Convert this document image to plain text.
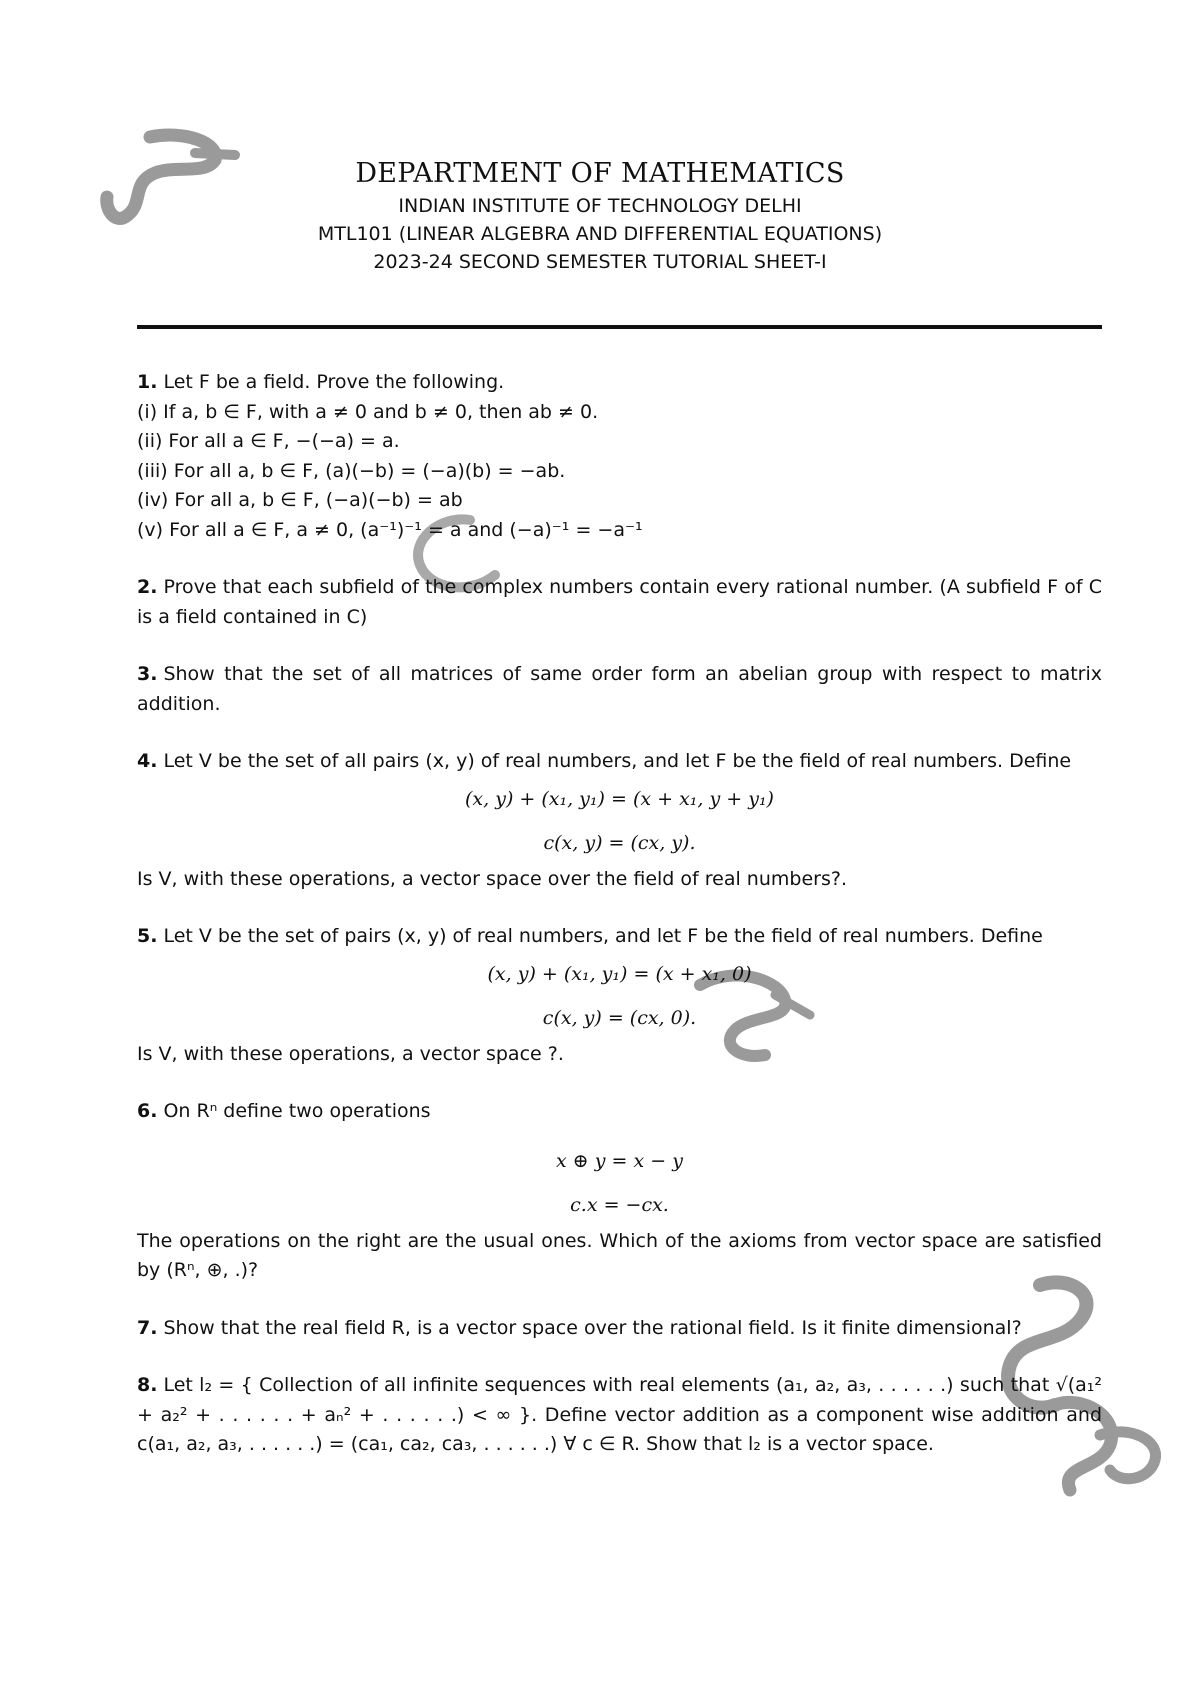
DEPARTMENT OF MATHEMATICS
INDIAN INSTITUTE OF TECHNOLOGY DELHI
MTL101 (LINEAR ALGEBRA AND DIFFERENTIAL EQUATIONS)
2023-24 SECOND SEMESTER TUTORIAL SHEET-I
1. Let F be a field. Prove the following.
(i) If a, b ∈ F, with a ≠ 0 and b ≠ 0, then ab ≠ 0.
(ii) For all a ∈ F, −(−a) = a.
(iii) For all a, b ∈ F, (a)(−b) = (−a)(b) = −ab.
(iv) For all a, b ∈ F, (−a)(−b) = ab
(v) For all a ∈ F, a ≠ 0, (a⁻¹)⁻¹ = a and (−a)⁻¹ = −a⁻¹
2. Prove that each subfield of the complex numbers contain every rational number. (A subfield F of C is a field contained in C)
3. Show that the set of all matrices of same order form an abelian group with respect to matrix addition.
4. Let V be the set of all pairs (x, y) of real numbers, and let F be the field of real numbers. Define
(x, y) + (x₁, y₁) = (x + x₁, y + y₁)
c(x, y) = (cx, y).
Is V, with these operations, a vector space over the field of real numbers?.
5. Let V be the set of pairs (x, y) of real numbers, and let F be the field of real numbers. Define
(x, y) + (x₁, y₁) = (x + x₁, 0)
c(x, y) = (cx, 0).
Is V, with these operations, a vector space ?.
6. On Rⁿ define two operations
x ⊕ y = x − y
c.x = −cx.
The operations on the right are the usual ones. Which of the axioms from vector space are satisfied by (Rⁿ, ⊕, .)?
7. Show that the real field R, is a vector space over the rational field. Is it finite dimensional?
8. Let l₂ = { Collection of all infinite sequences with real elements (a₁, a₂, a₃, . . . . . .) such that √(a₁² + a₂² + . . . . . . + aₙ² + . . . . . .) < ∞ }. Define vector addition as a component wise addition and c(a₁, a₂, a₃, . . . . . .) = (ca₁, ca₂, ca₃, . . . . . .) ∀ c ∈ R. Show that l₂ is a vector space.
